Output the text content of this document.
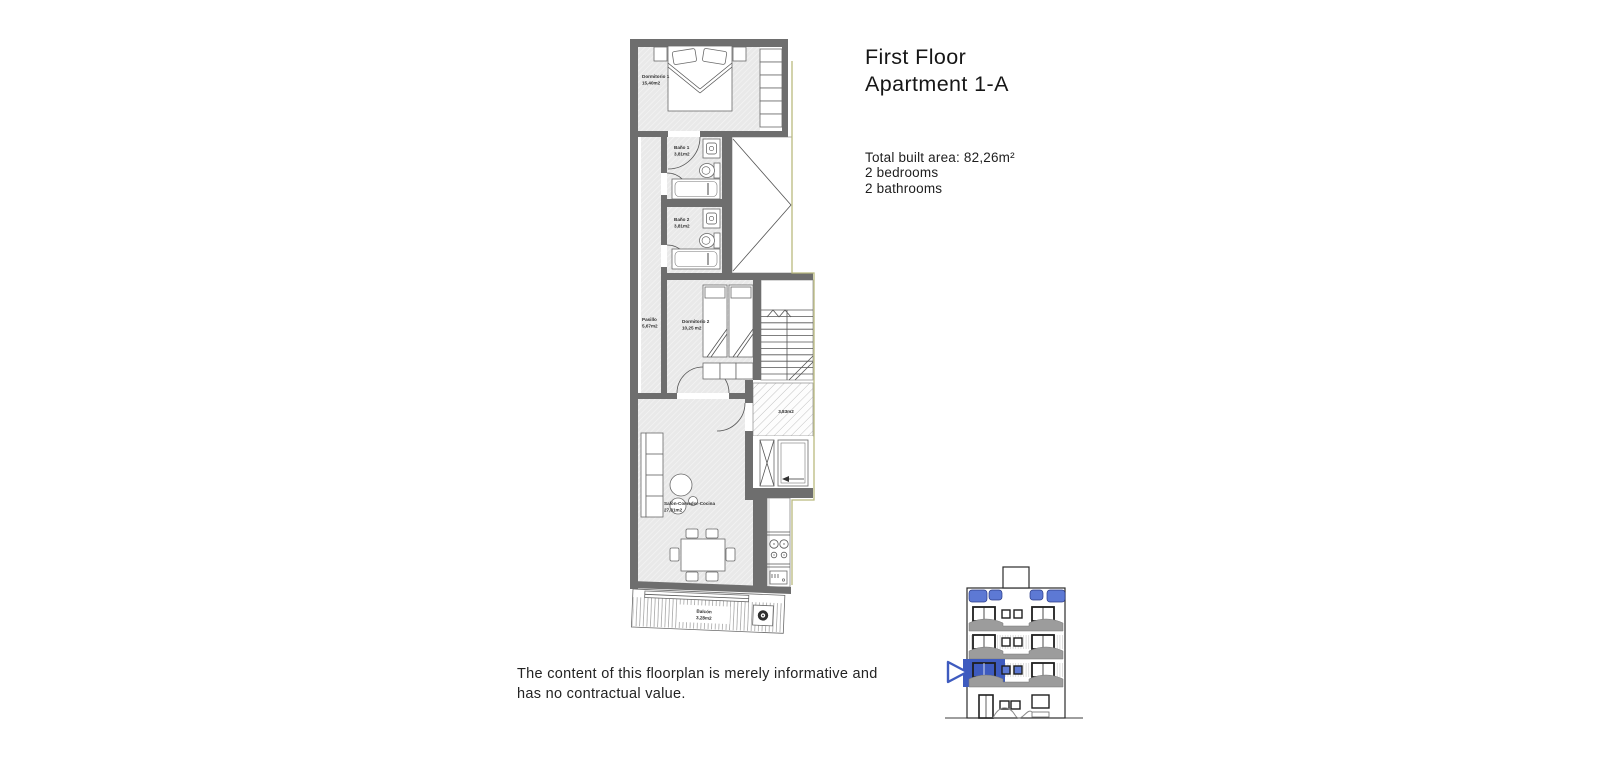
Balcón
3,28m2
Dormitorio 1
15,40m2
Baño 1
3,81m2
Baño 2
3,81m2
Pasillo
5,67m2
Dormitorio 2
10,25 m2
3,83m2
Salón-Comedor-Cocina
27,81m2
First Floor
Apartment 1-A
Total built area: 82,26m²
2 bedrooms
2 bathrooms
The content of this floorplan is merely informative and
has no contractual value.
